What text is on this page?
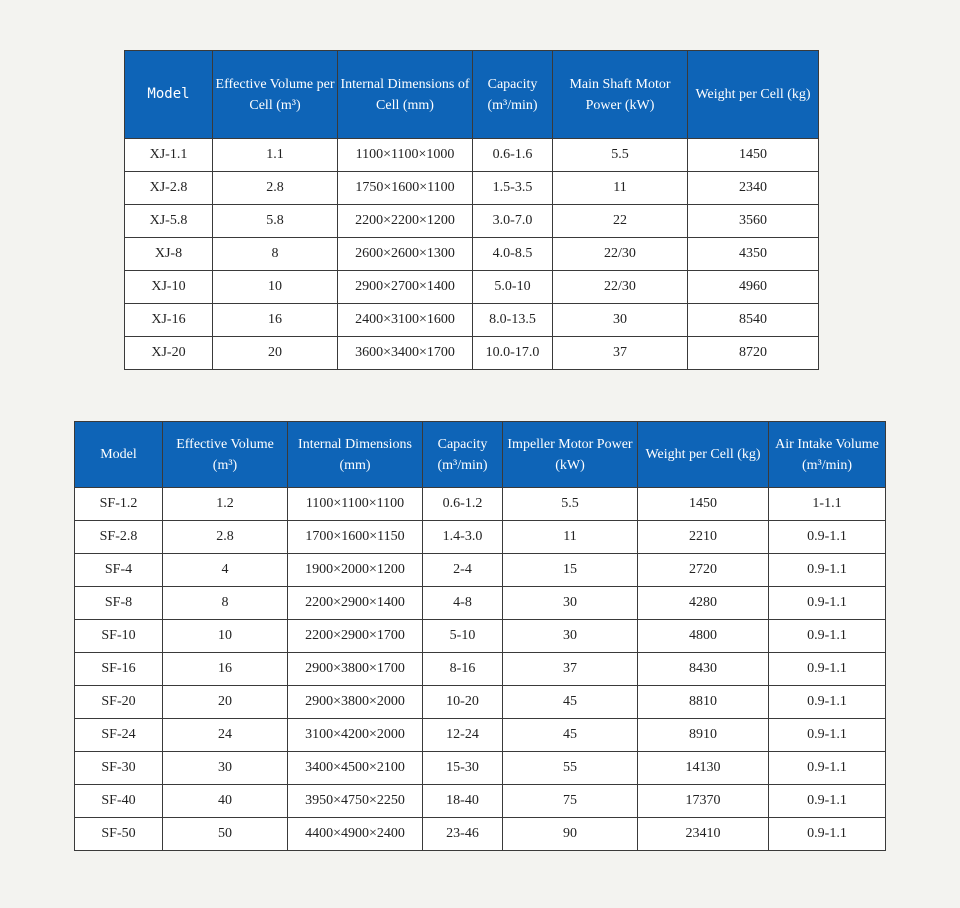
Model	Effective Volume per Cell (m³)	Internal Dimensions of Cell (mm)	Capacity (m³/min)	Main Shaft Motor Power (kW)	Weight per Cell (kg)
XJ-1.1	1.1	1100×1100×1000	0.6-1.6	5.5	1450
XJ-2.8	2.8	1750×1600×1100	1.5-3.5	11	2340
XJ-5.8	5.8	2200×2200×1200	3.0-7.0	22	3560
XJ-8	8	2600×2600×1300	4.0-8.5	22/30	4350
XJ-10	10	2900×2700×1400	5.0-10	22/30	4960
XJ-16	16	2400×3100×1600	8.0-13.5	30	8540
XJ-20	20	3600×3400×1700	10.0-17.0	37	8720
Model	Effective Volume (m³)	Internal Dimensions (mm)	Capacity (m³/min)	Impeller Motor Power (kW)	Weight per Cell (kg)	Air Intake Volume (m³/min)
SF-1.2	1.2	1100×1100×1100	0.6-1.2	5.5	1450	1-1.1
SF-2.8	2.8	1700×1600×1150	1.4-3.0	11	2210	0.9-1.1
SF-4	4	1900×2000×1200	2-4	15	2720	0.9-1.1
SF-8	8	2200×2900×1400	4-8	30	4280	0.9-1.1
SF-10	10	2200×2900×1700	5-10	30	4800	0.9-1.1
SF-16	16	2900×3800×1700	8-16	37	8430	0.9-1.1
SF-20	20	2900×3800×2000	10-20	45	8810	0.9-1.1
SF-24	24	3100×4200×2000	12-24	45	8910	0.9-1.1
SF-30	30	3400×4500×2100	15-30	55	14130	0.9-1.1
SF-40	40	3950×4750×2250	18-40	75	17370	0.9-1.1
SF-50	50	4400×4900×2400	23-46	90	23410	0.9-1.1
